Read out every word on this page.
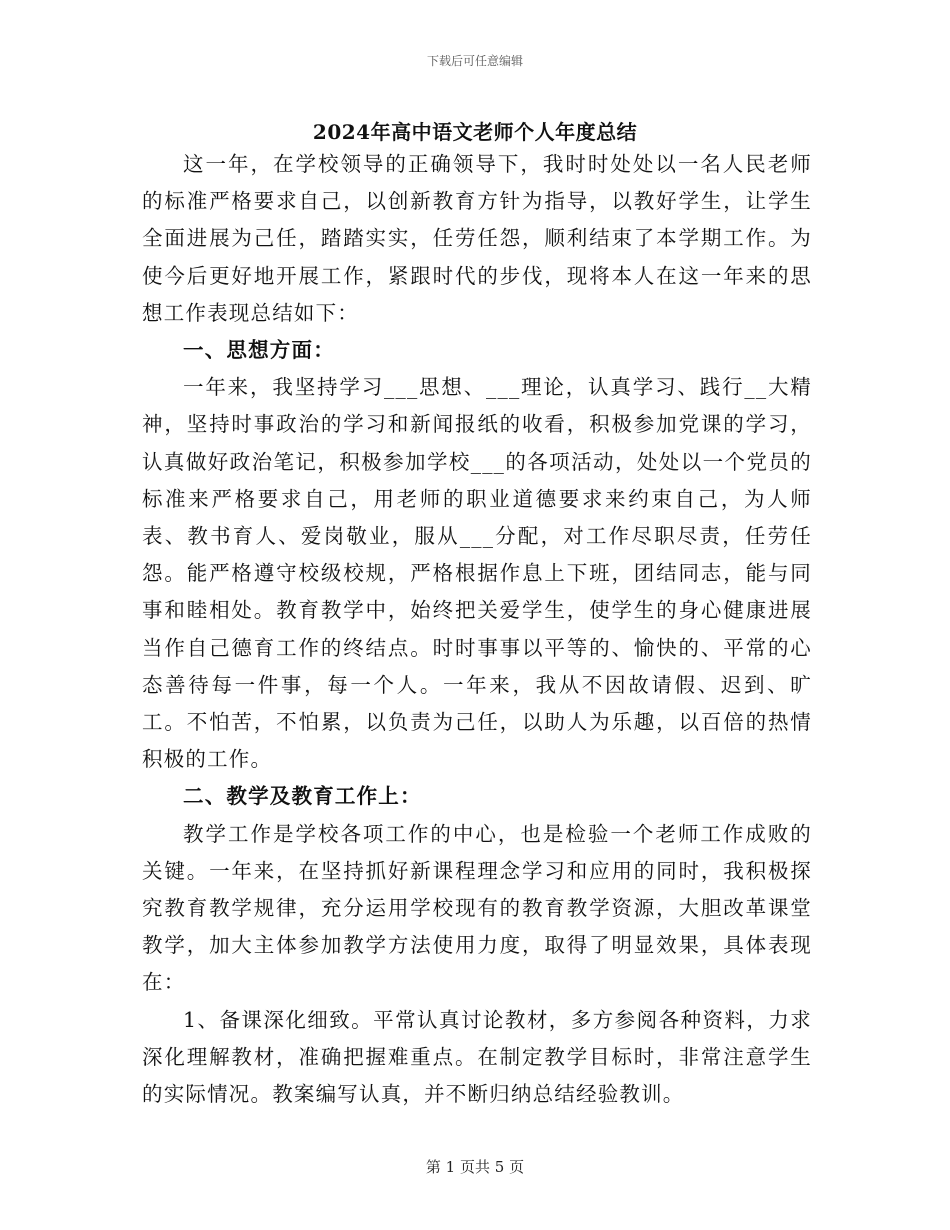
下载后可任意编辑
2024年高中语文老师个人年度总结

这一年，在学校领导的正确领导下，我时时处处以一名人民老师的标准严格要求自己，以创新教育方针为指导，以教好学生，让学生全面进展为己任，踏踏实实，任劳任怨，顺利结束了本学期工作。为使今后更好地开展工作，紧跟时代的步伐，现将本人在这一年来的思想工作表现总结如下：

一、思想方面：

一年来，我坚持学习___思想、___理论，认真学习、践行__大精神，坚持时事政治的学习和新闻报纸的收看，积极参加党课的学习，认真做好政治笔记，积极参加学校___的各项活动，处处以一个党员的标准来严格要求自己，用老师的职业道德要求来约束自己，为人师表、教书育人、爱岗敬业，服从___分配，对工作尽职尽责，任劳任怨。能严格遵守校级校规，严格根据作息上下班，团结同志，能与同事和睦相处。教育教学中，始终把关爱学生，使学生的身心健康进展当作自己德育工作的终结点。时时事事以平等的、愉快的、平常的心态善待每一件事，每一个人。一年来，我从不因故请假、迟到、旷工。不怕苦，不怕累，以负责为己任，以助人为乐趣，以百倍的热情积极的工作。

二、教学及教育工作上：

教学工作是学校各项工作的中心，也是检验一个老师工作成败的关键。一年来，在坚持抓好新课程理念学习和应用的同时，我积极探究教育教学规律，充分运用学校现有的教育教学资源，大胆改革课堂教学，加大主体参加教学方法使用力度，取得了明显效果，具体表现在：

1、备课深化细致。平常认真讨论教材，多方参阅各种资料，力求深化理解教材，准确把握难重点。在制定教学目标时，非常注意学生的实际情况。教案编写认真，并不断归纳总结经验教训。

第 1 页共 5 页
